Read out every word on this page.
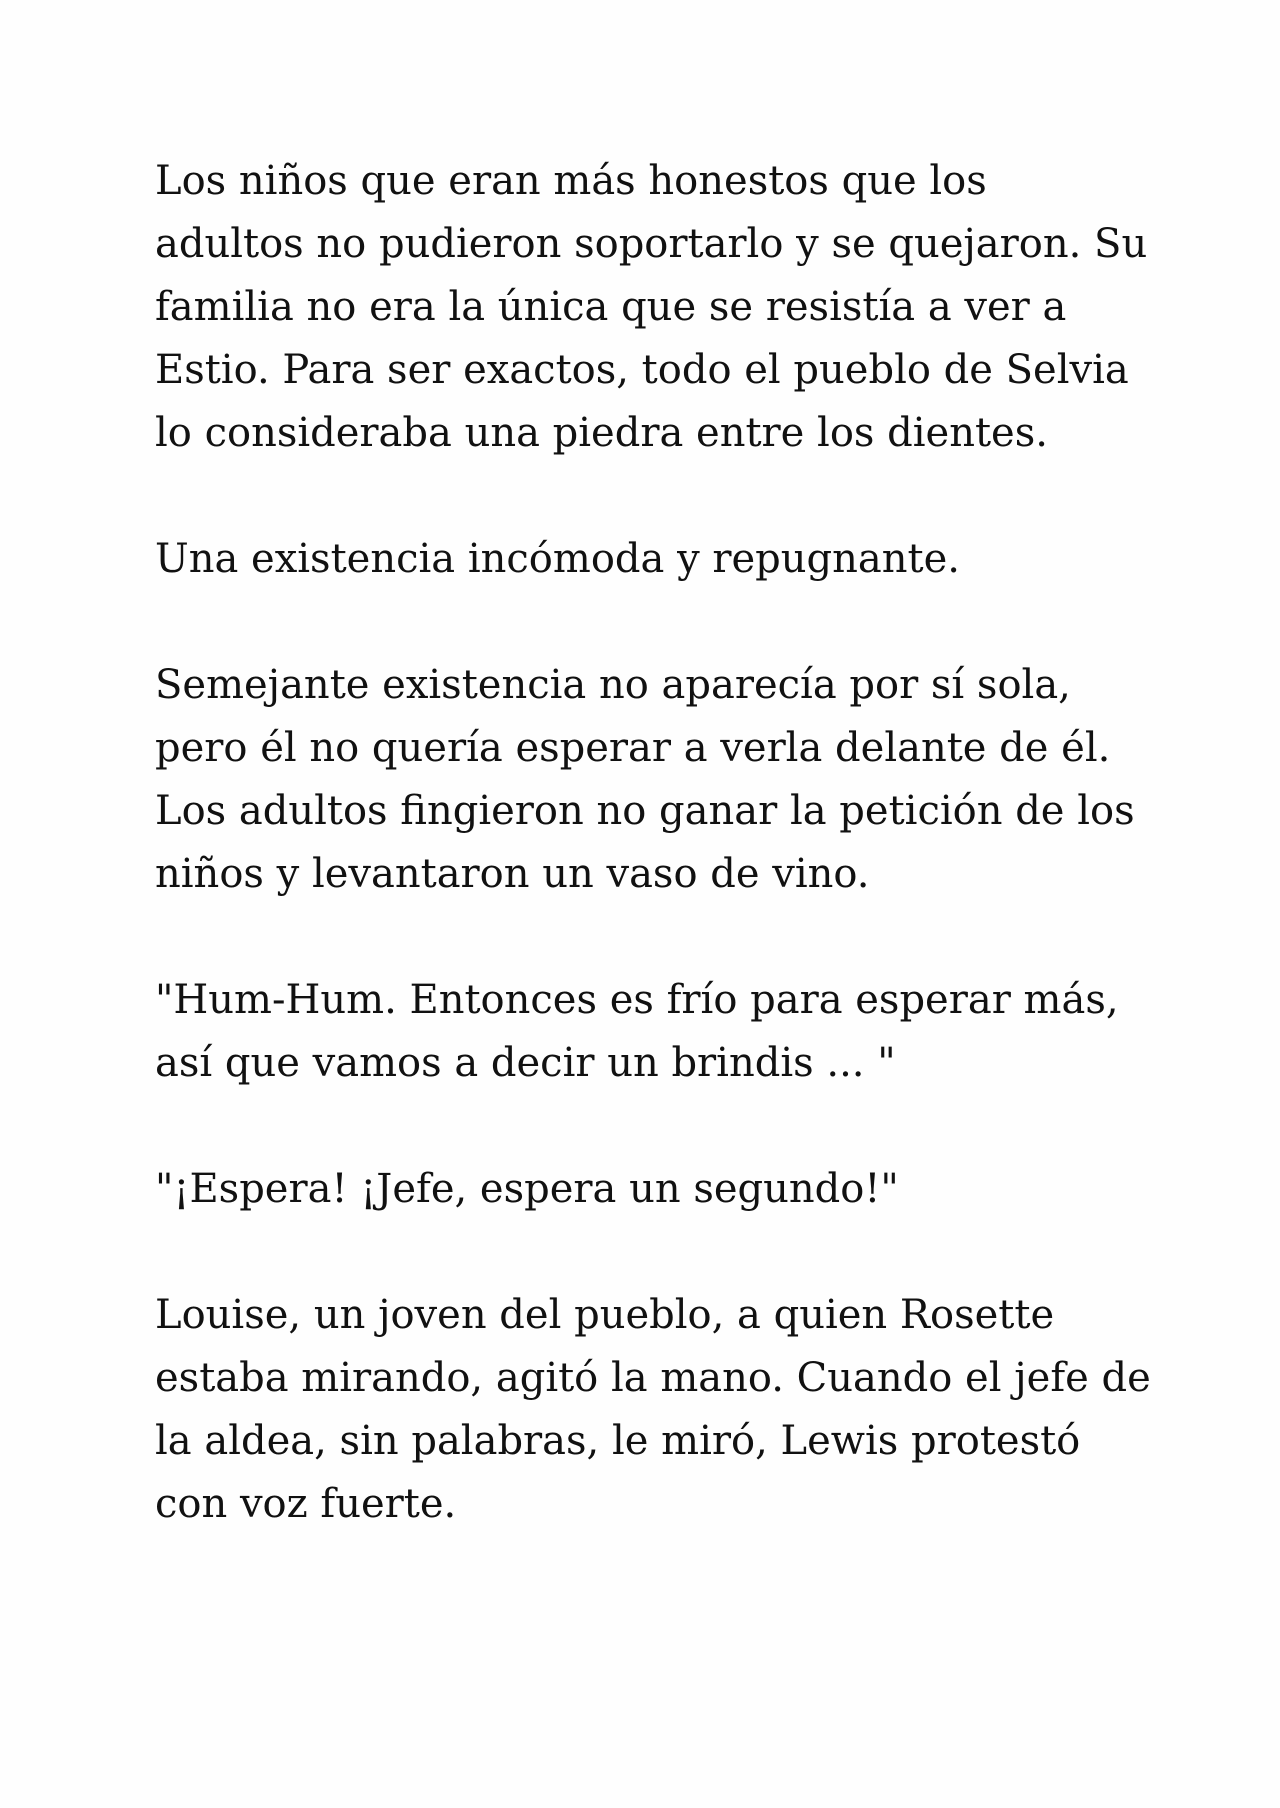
Los niños que eran más honestos que los
adultos no pudieron soportarlo y se quejaron. Su
familia no era la única que se resistía a ver a
Estio. Para ser exactos, todo el pueblo de Selvia
lo consideraba una piedra entre los dientes.

Una existencia incómoda y repugnante.

Semejante existencia no aparecía por sí sola,
pero él no quería esperar a verla delante de él.
Los adultos fingieron no ganar la petición de los
niños y levantaron un vaso de vino.

"Hum-Hum. Entonces es frío para esperar más,
así que vamos a decir un brindis ... "

"¡Espera! ¡Jefe, espera un segundo!"

Louise, un joven del pueblo, a quien Rosette
estaba mirando, agitó la mano. Cuando el jefe de
la aldea, sin palabras, le miró, Lewis protestó
con voz fuerte.
